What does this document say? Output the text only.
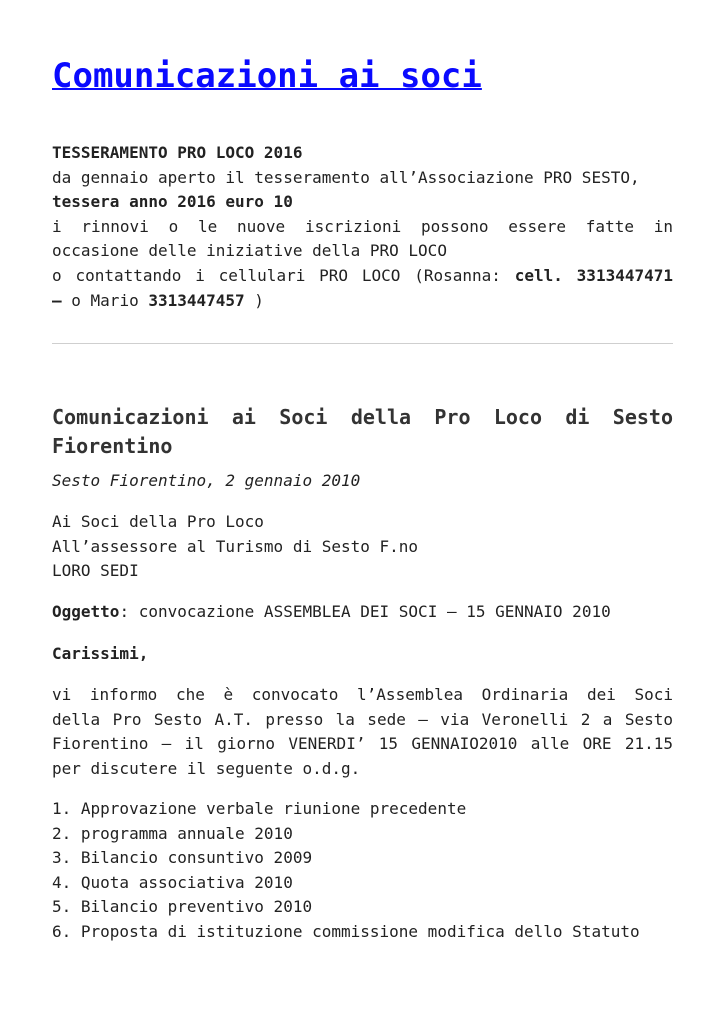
Comunicazioni ai soci
TESSERAMENTO PRO LOCO 2016
da gennaio aperto il tesseramento all’Associazione PRO SESTO,
tessera anno 2016 euro 10
i rinnovi o le nuove iscrizioni possono essere fatte in
occasione delle iniziative della PRO LOCO
o contattando i cellulari PRO LOCO (Rosanna: cell. 3313447471
– o Mario 3313447457 )
Comunicazioni ai Soci della Pro Loco di Sesto
Fiorentino
Sesto Fiorentino, 2 gennaio 2010
Ai Soci della Pro Loco
All’assessore al Turismo di Sesto F.no
LORO SEDI
Oggetto: convocazione ASSEMBLEA DEI SOCI – 15 GENNAIO 2010
Carissimi,
vi informo che è convocato l’Assemblea Ordinaria dei Soci
della Pro Sesto A.T. presso la sede – via Veronelli 2 a Sesto
Fiorentino – il giorno VENERDI’ 15 GENNAIO2010 alle ORE 21.15
per discutere il seguente o.d.g.
1. Approvazione verbale riunione precedente
2. programma annuale 2010
3. Bilancio consuntivo 2009
4. Quota associativa 2010
5. Bilancio preventivo 2010
6. Proposta di istituzione commissione modifica dello Statuto
